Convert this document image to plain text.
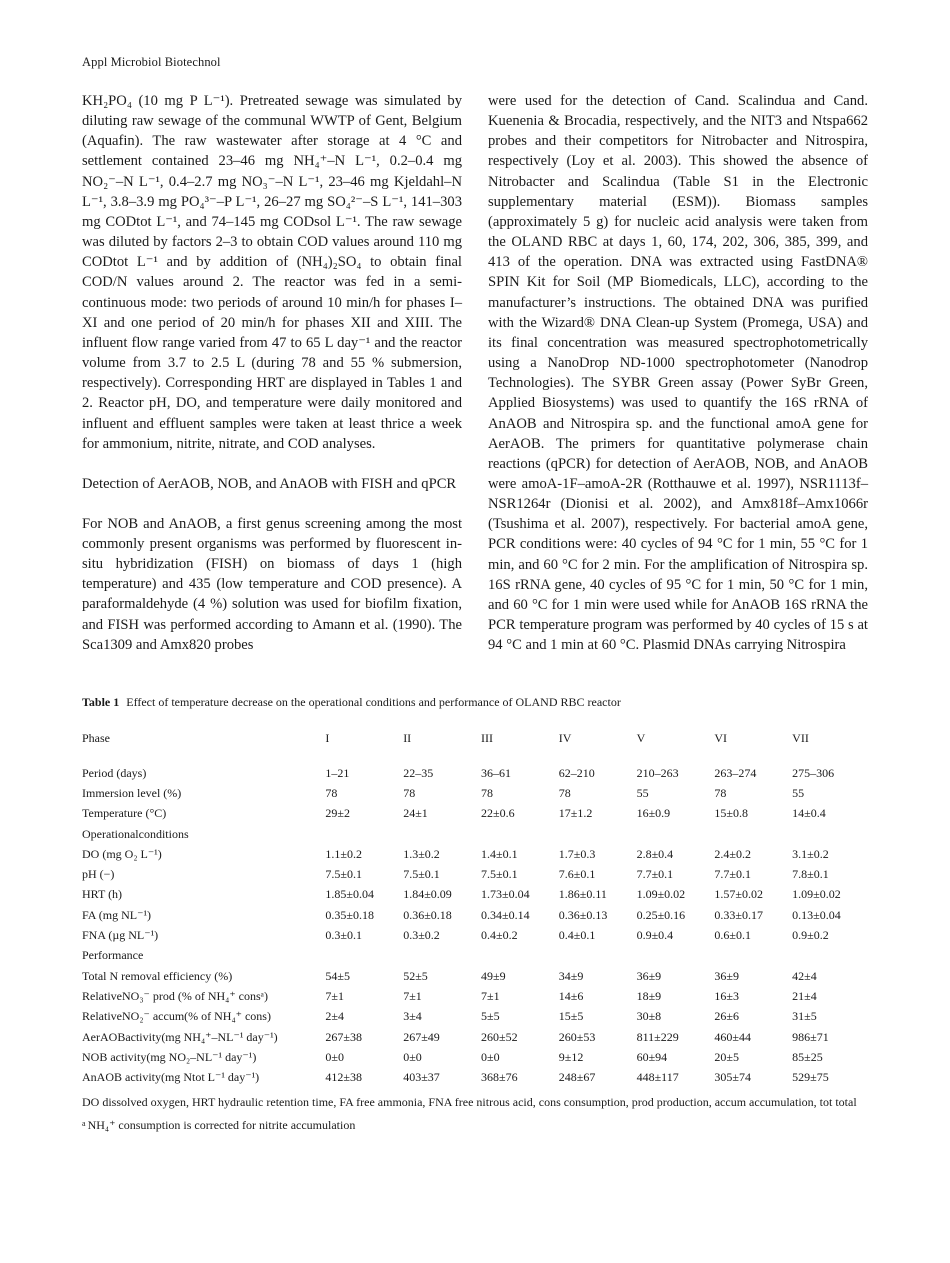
Appl Microbiol Biotechnol

KH₂PO₄ (10 mg P L⁻¹). Pretreated sewage was simulated by diluting raw sewage of the communal WWTP of Gent, Belgium (Aquafin). The raw wastewater after storage at 4 °C and settlement contained 23–46 mg NH₄⁺–N L⁻¹, 0.2–0.4 mg NO₂⁻–N L⁻¹, 0.4–2.7 mg NO₃⁻–N L⁻¹, 23–46 mg Kjeldahl–N L⁻¹, 3.8–3.9 mg PO₄³⁻–P L⁻¹, 26–27 mg SO₄²⁻–S L⁻¹, 141–303 mg CODtot L⁻¹, and 74–145 mg CODsol L⁻¹. The raw sewage was diluted by factors 2–3 to obtain COD values around 110 mg CODtot L⁻¹ and by addition of (NH₄)₂SO₄ to obtain final COD/N values around 2. The reactor was fed in a semi-continuous mode: two periods of around 10 min/h for phases I–XI and one period of 20 min/h for phases XII and XIII. The influent flow range varied from 47 to 65 L day⁻¹ and the reactor volume from 3.7 to 2.5 L (during 78 and 55 % submersion, respectively). Corresponding HRT are displayed in Tables 1 and 2. Reactor pH, DO, and temperature were daily monitored and influent and effluent samples were taken at least thrice a week for ammonium, nitrite, nitrate, and COD analyses.

Detection of AerAOB, NOB, and AnAOB with FISH and qPCR

For NOB and AnAOB, a first genus screening among the most commonly present organisms was performed by fluorescent in-situ hybridization (FISH) on biomass of days 1 (high temperature) and 435 (low temperature and COD presence). A paraformaldehyde (4 %) solution was used for biofilm fixation, and FISH was performed according to Amann et al. (1990). The Sca1309 and Amx820 probes

were used for the detection of Cand. Scalindua and Cand. Kuenenia & Brocadia, respectively, and the NIT3 and Ntspa662 probes and their competitors for Nitrobacter and Nitrospira, respectively (Loy et al. 2003). This showed the absence of Nitrobacter and Scalindua (Table S1 in the Electronic supplementary material (ESM)). Biomass samples (approximately 5 g) for nucleic acid analysis were taken from the OLAND RBC at days 1, 60, 174, 202, 306, 385, 399, and 413 of the operation. DNA was extracted using FastDNA® SPIN Kit for Soil (MP Biomedicals, LLC), according to the manufacturer’s instructions. The obtained DNA was purified with the Wizard® DNA Clean-up System (Promega, USA) and its final concentration was measured spectrophotometrically using a NanoDrop ND-1000 spectrophotometer (Nanodrop Technologies). The SYBR Green assay (Power SyBr Green, Applied Biosystems) was used to quantify the 16S rRNA of AnAOB and Nitrospira sp. and the functional amoA gene for AerAOB. The primers for quantitative polymerase chain reactions (qPCR) for detection of AerAOB, NOB, and AnAOB were amoA-1F–amoA-2R (Rotthauwe et al. 1997), NSR1113f–NSR1264r (Dionisi et al. 2002), and Amx818f–Amx1066r (Tsushima et al. 2007), respectively. For bacterial amoA gene, PCR conditions were: 40 cycles of 94 °C for 1 min, 55 °C for 1 min, and 60 °C for 2 min. For the amplification of Nitrospira sp. 16S rRNA gene, 40 cycles of 95 °C for 1 min, 50 °C for 1 min, and 60 °C for 1 min were used while for AnAOB 16S rRNA the PCR temperature program was performed by 40 cycles of 15 s at 94 °C and 1 min at 60 °C. Plasmid DNAs carrying Nitrospira

Table 1 Effect of temperature decrease on the operational conditions and performance of OLAND RBC reactor
Phase	I	II	III	IV	V	VI	VII

Period (days)	1–21	22–35	36–61	62–210	210–263	263–274	275–306
Immersion level (%)	78	78	78	78	55	78	55
Temperature (°C)	29±2	24±1	22±0.6	17±1.2	16±0.9	15±0.8	14±0.4
Operationalconditions							
DO (mg O₂ L⁻¹)	1.1±0.2	1.3±0.2	1.4±0.1	1.7±0.3	2.8±0.4	2.4±0.2	3.1±0.2
pH (−)	7.5±0.1	7.5±0.1	7.5±0.1	7.6±0.1	7.7±0.1	7.7±0.1	7.8±0.1
HRT (h)	1.85±0.04	1.84±0.09	1.73±0.04	1.86±0.11	1.09±0.02	1.57±0.02	1.09±0.02
FA (mg NL⁻¹)	0.35±0.18	0.36±0.18	0.34±0.14	0.36±0.13	0.25±0.16	0.33±0.17	0.13±0.04
FNA (µg NL⁻¹)	0.3±0.1	0.3±0.2	0.4±0.2	0.4±0.1	0.9±0.4	0.6±0.1	0.9±0.2
Performance							
Total N removal efficiency (%)	54±5	52±5	49±9	34±9	36±9	36±9	42±4
RelativeNO₃⁻ prod (% of NH₄⁺ consᵃ)	7±1	7±1	7±1	14±6	18±9	16±3	21±4
RelativeNO₂⁻ accum(% of NH₄⁺ cons)	2±4	3±4	5±5	15±5	30±8	26±6	31±5
AerAOBactivity(mg NH₄⁺–NL⁻¹ day⁻¹)	267±38	267±49	260±52	260±53	811±229	460±44	986±71
NOB activity(mg NO₂–NL⁻¹ day⁻¹)	0±0	0±0	0±0	9±12	60±94	20±5	85±25
AnAOB activity(mg Ntot L⁻¹ day⁻¹)	412±38	403±37	368±76	248±67	448±117	305±74	529±75

DO dissolved oxygen, HRT hydraulic retention time, FA free ammonia, FNA free nitrous acid, cons consumption, prod production, accum accumulation, tot total

$^a$ NH₄⁺ consumption is corrected for nitrite accumulation
